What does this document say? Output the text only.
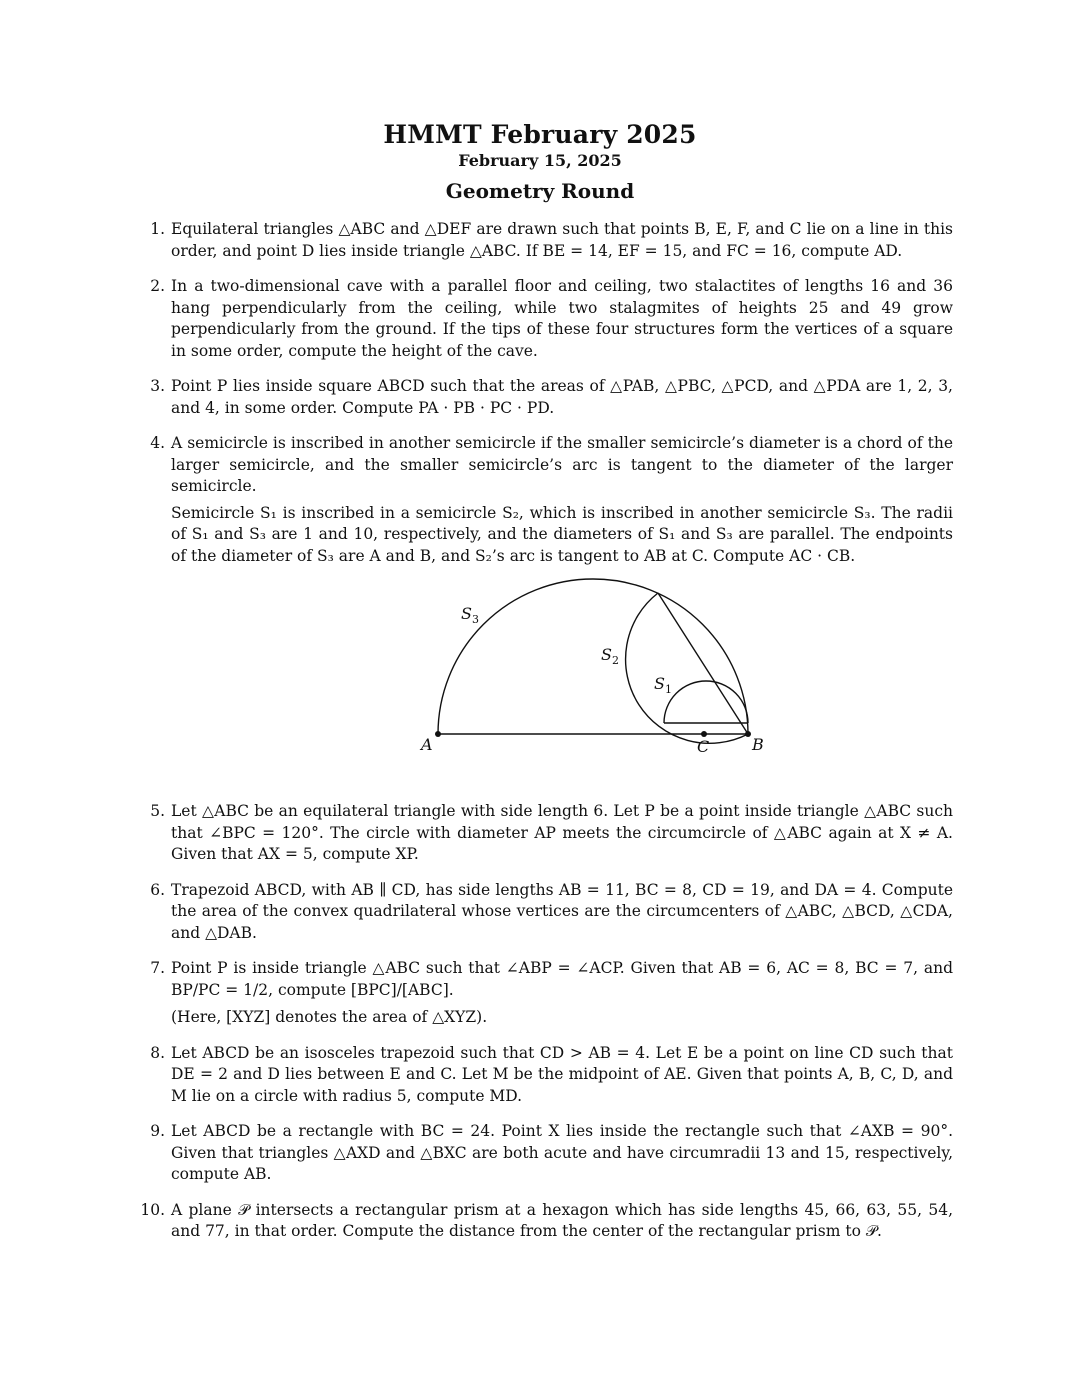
HMMT February 2025
February 15, 2025
Geometry Round
1. Equilateral triangles △ABC and △DEF are drawn such that points B, E, F, and C lie on a line in this order, and point D lies inside triangle △ABC. If BE = 14, EF = 15, and FC = 16, compute AD.
2. In a two-dimensional cave with a parallel floor and ceiling, two stalactites of lengths 16 and 36 hang perpendicularly from the ceiling, while two stalagmites of heights 25 and 49 grow perpendicularly from the ground. If the tips of these four structures form the vertices of a square in some order, compute the height of the cave.
3. Point P lies inside square ABCD such that the areas of △PAB, △PBC, △PCD, and △PDA are 1, 2, 3, and 4, in some order. Compute PA · PB · PC · PD.
4. A semicircle is inscribed in another semicircle if the smaller semicircle’s diameter is a chord of the larger semicircle, and the smaller semicircle’s arc is tangent to the diameter of the larger semicircle.
Semicircle S₁ is inscribed in a semicircle S₂, which is inscribed in another semicircle S₃. The radii of S₁ and S₃ are 1 and 10, respectively, and the diameters of S₁ and S₃ are parallel. The endpoints of the diameter of S₃ are A and B, and S₂’s arc is tangent to AB at C. Compute AC · CB.
$S_3$
$S_2$
$S_1$
A	B
C
5. Let △ABC be an equilateral triangle with side length 6. Let P be a point inside triangle △ABC such that ∠BPC = 120°. The circle with diameter AP meets the circumcircle of △ABC again at X ≠ A. Given that AX = 5, compute XP.
6. Trapezoid ABCD, with AB ∥ CD, has side lengths AB = 11, BC = 8, CD = 19, and DA = 4. Compute the area of the convex quadrilateral whose vertices are the circumcenters of △ABC, △BCD, △CDA, and △DAB.
7. Point P is inside triangle △ABC such that ∠ABP = ∠ACP. Given that AB = 6, AC = 8, BC = 7, and BP/PC = 1/2, compute [BPC]/[ABC].
(Here, [XYZ] denotes the area of △XYZ).
8. Let ABCD be an isosceles trapezoid such that CD > AB = 4. Let E be a point on line CD such that DE = 2 and D lies between E and C. Let M be the midpoint of AE. Given that points A, B, C, D, and M lie on a circle with radius 5, compute MD.
9. Let ABCD be a rectangle with BC = 24. Point X lies inside the rectangle such that ∠AXB = 90°. Given that triangles △AXD and △BXC are both acute and have circumradii 13 and 15, respectively, compute AB.
10. A plane 𝒫 intersects a rectangular prism at a hexagon which has side lengths 45, 66, 63, 55, 54, and 77, in that order. Compute the distance from the center of the rectangular prism to 𝒫.
